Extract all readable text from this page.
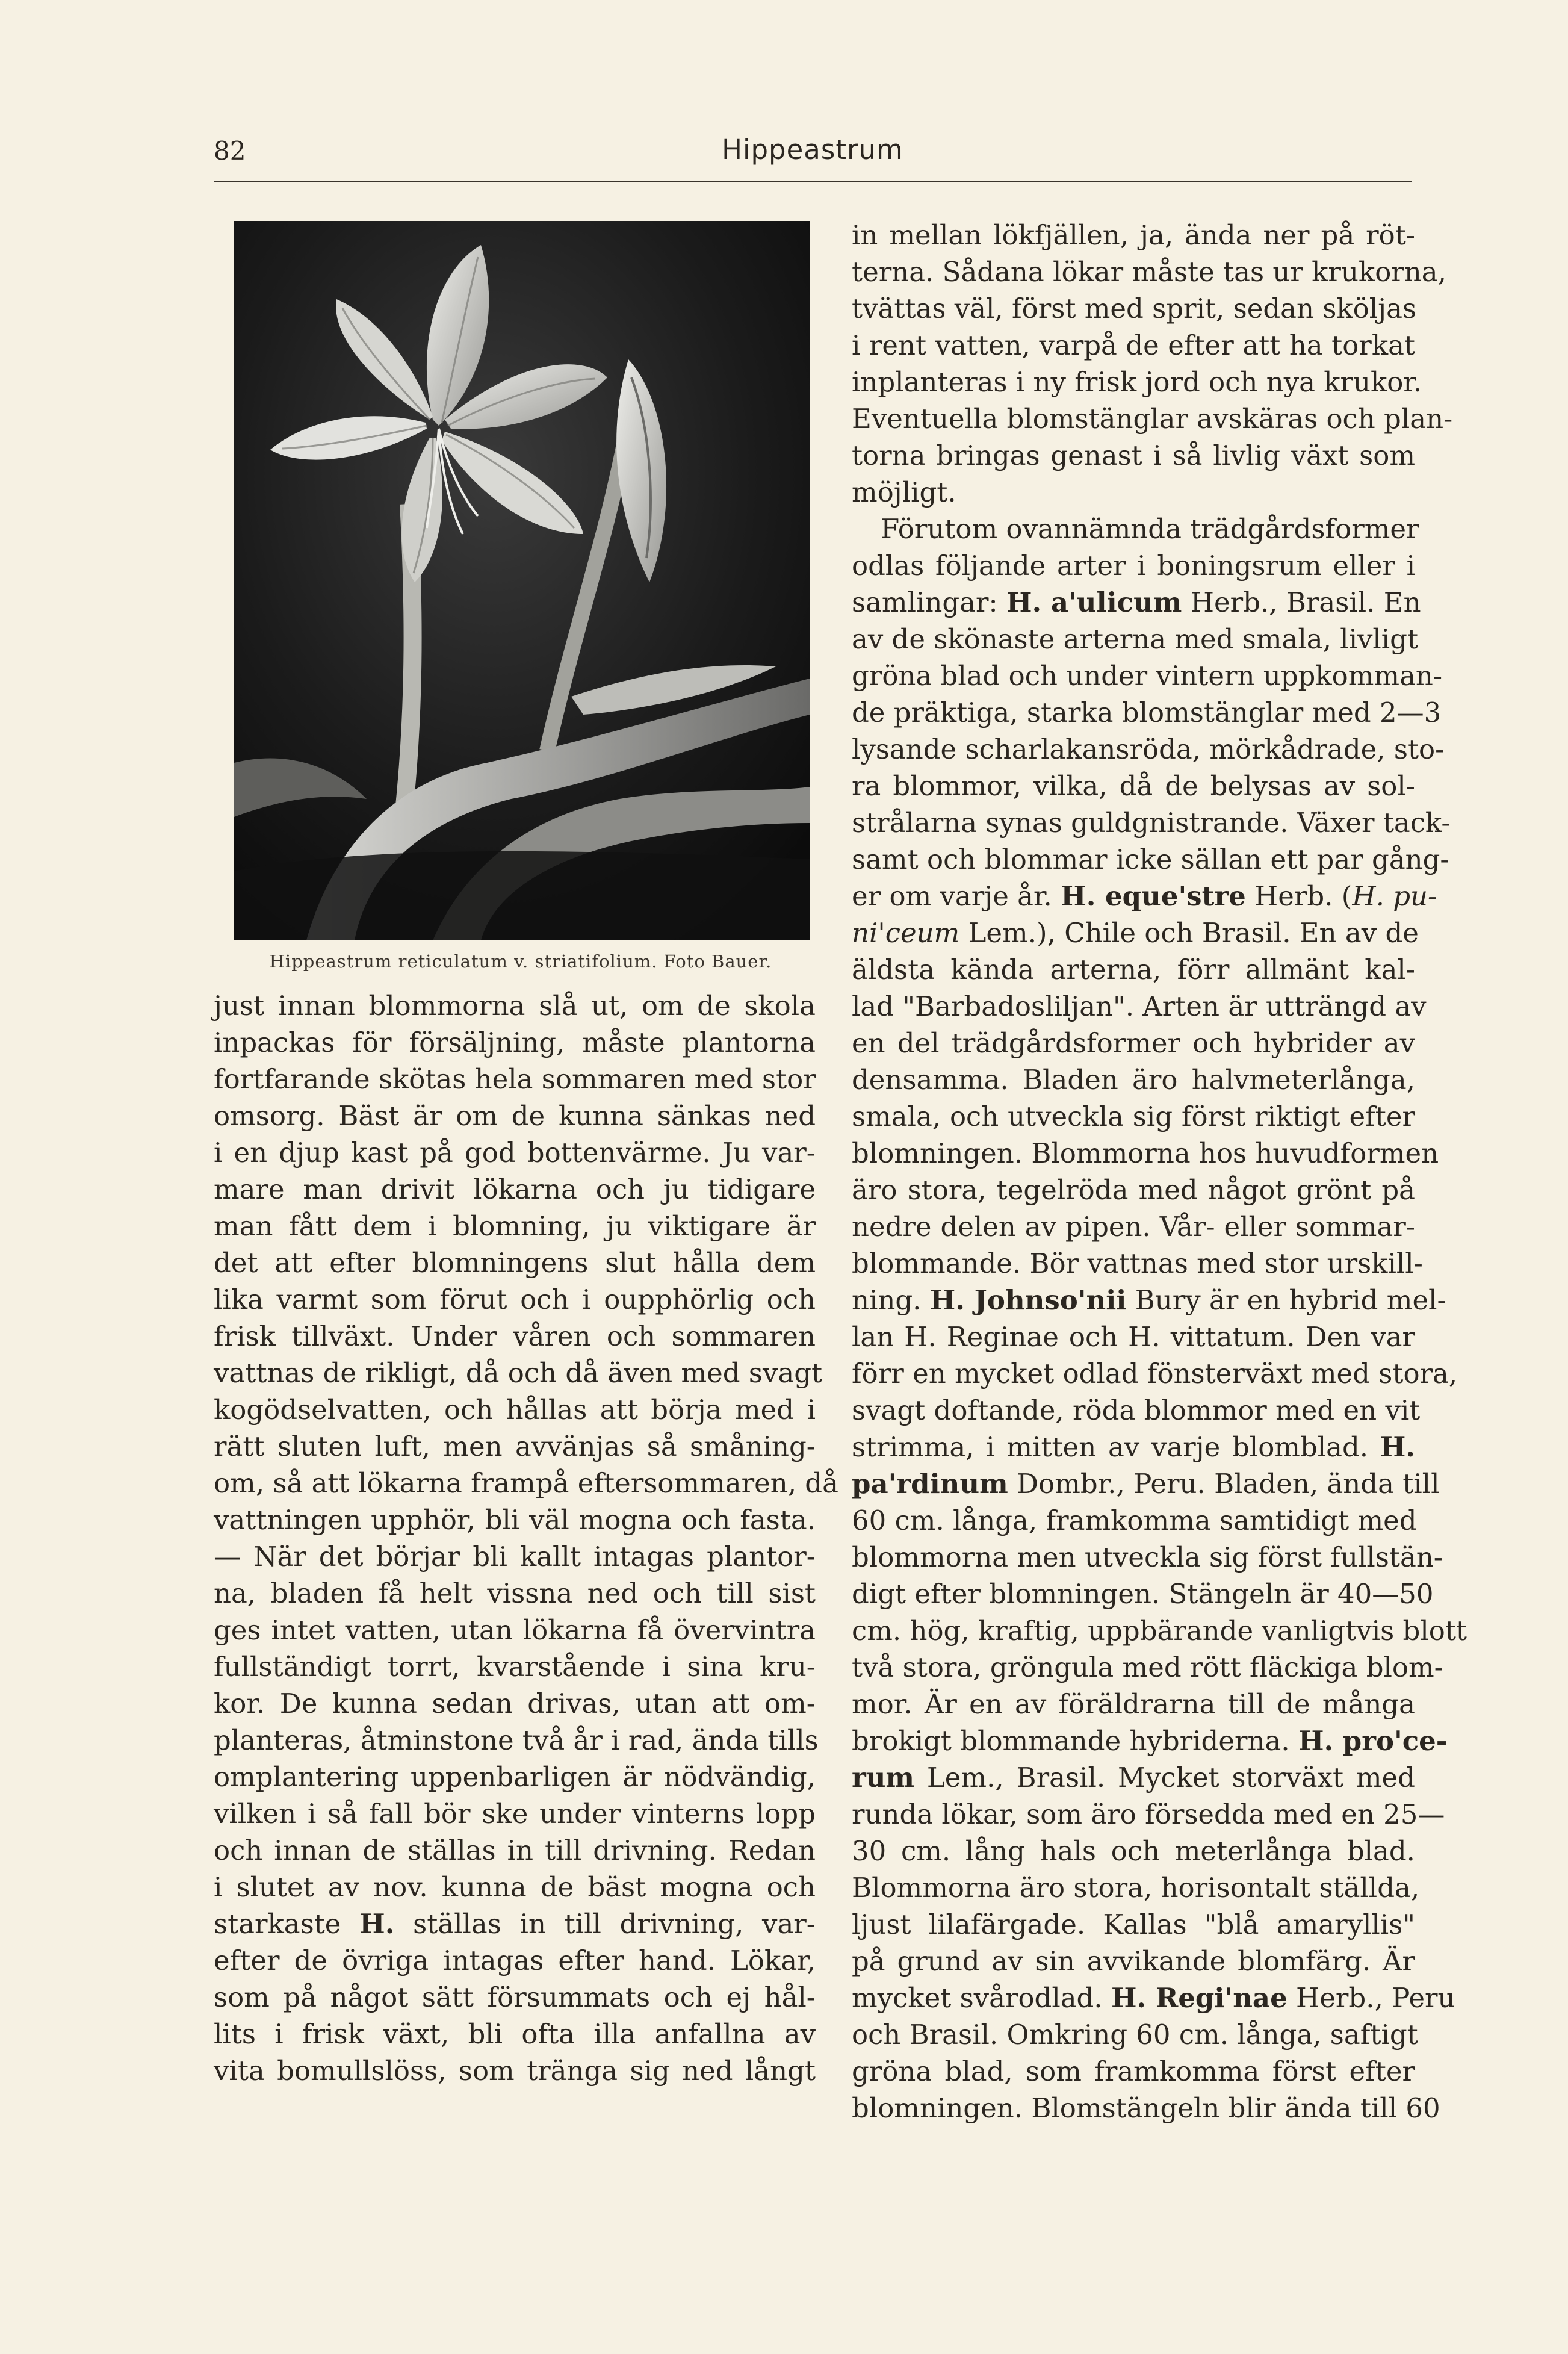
82	Hippeastrum
Hippeastrum reticulatum v. striatifolium. Foto Bauer.
just innan blommorna slå ut, om de skola
inpackas för försäljning, måste plantorna
fortfarande skötas hela sommaren med stor
omsorg. Bäst är om de kunna sänkas ned
i en djup kast på god bottenvärme. Ju var-
mare man drivit lökarna och ju tidigare
man fått dem i blomning, ju viktigare är
det att efter blomningens slut hålla dem
lika varmt som förut och i oupphörlig och
frisk tillväxt. Under våren och sommaren
vattnas de rikligt, då och då även med svagt
kogödselvatten, och hållas att börja med i
rätt sluten luft, men avvänjas så småning-
om, så att lökarna frampå eftersommaren, då
vattningen upphör, bli väl mogna och fasta.
— När det börjar bli kallt intagas plantor-
na, bladen få helt vissna ned och till sist
ges intet vatten, utan lökarna få övervintra
fullständigt torrt, kvarstående i sina kru-
kor. De kunna sedan drivas, utan att om-
planteras, åtminstone två år i rad, ända tills
omplantering uppenbarligen är nödvändig,
vilken i så fall bör ske under vinterns lopp
och innan de ställas in till drivning. Redan
i slutet av nov. kunna de bäst mogna och
starkaste H. ställas in till drivning, var-
efter de övriga intagas efter hand. Lökar,
som på något sätt försummats och ej hål-
lits i frisk växt, bli ofta illa anfallna av
vita bomullslöss, som tränga sig ned långt
in mellan lökfjällen, ja, ända ner på röt-
terna. Sådana lökar måste tas ur krukorna,
tvättas väl, först med sprit, sedan sköljas
i rent vatten, varpå de efter att ha torkat
inplanteras i ny frisk jord och nya krukor.
Eventuella blomstänglar avskäras och plan-
torna bringas genast i så livlig växt som
möjligt.
Förutom ovannämnda trädgårdsformer
odlas följande arter i boningsrum eller i
samlingar: H. a'ulicum Herb., Brasil. En
av de skönaste arterna med smala, livligt
gröna blad och under vintern uppkomman-
de präktiga, starka blomstänglar med 2—3
lysande scharlakansröda, mörkådrade, sto-
ra blommor, vilka, då de belysas av sol-
strålarna synas guldgnistrande. Växer tack-
samt och blommar icke sällan ett par gång-
er om varje år. H. eque'stre Herb. (H. pu-
ni'ceum Lem.), Chile och Brasil. En av de
äldsta kända arterna, förr allmänt kal-
lad "Barbadosliljan". Arten är utträngd av
en del trädgårdsformer och hybrider av
densamma. Bladen äro halvmeterlånga,
smala, och utveckla sig först riktigt efter
blomningen. Blommorna hos huvudformen
äro stora, tegelröda med något grönt på
nedre delen av pipen. Vår- eller sommar-
blommande. Bör vattnas med stor urskill-
ning. H. Johnso'nii Bury är en hybrid mel-
lan H. Reginae och H. vittatum. Den var
förr en mycket odlad fönsterväxt med stora,
svagt doftande, röda blommor med en vit
strimma, i mitten av varje blomblad. H.
pa'rdinum Dombr., Peru. Bladen, ända till
60 cm. långa, framkomma samtidigt med
blommorna men utveckla sig först fullstän-
digt efter blomningen. Stängeln är 40—50
cm. hög, kraftig, uppbärande vanligtvis blott
två stora, gröngula med rött fläckiga blom-
mor. Är en av föräldrarna till de många
brokigt blommande hybriderna. H. pro'ce-
rum Lem., Brasil. Mycket storväxt med
runda lökar, som äro försedda med en 25—
30 cm. lång hals och meterlånga blad.
Blommorna äro stora, horisontalt ställda,
ljust lilafärgade. Kallas "blå amaryllis"
på grund av sin avvikande blomfärg. Är
mycket svårodlad. H. Regi'nae Herb., Peru
och Brasil. Omkring 60 cm. långa, saftigt
gröna blad, som framkomma först efter
blomningen. Blomstängeln blir ända till 60
